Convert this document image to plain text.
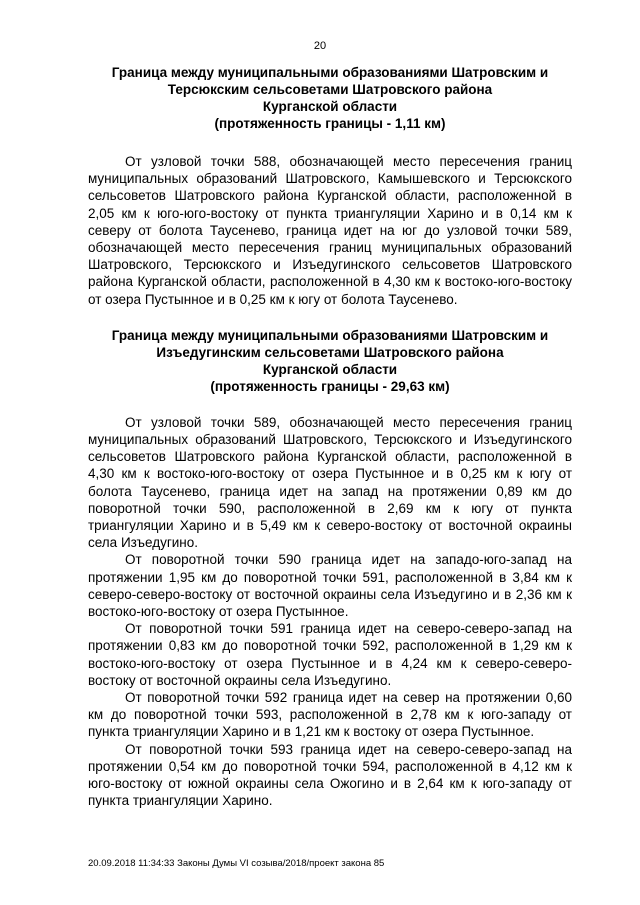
20
Граница между муниципальными образованиями Шатровским и
Терсюкским сельсоветами Шатровского района
Курганской области
(протяженность границы - 1,11 км)

От узловой точки 588, обозначающей место пересечения границ муниципальных образований Шатровского, Камышевского и Терсюкского сельсоветов Шатровского района Курганской области, расположенной в 2,05 км к юго-юго-востоку от пункта триангуляции Харино и в 0,14 км к северу от болота Таусенево, граница идет на юг до узловой точки 589, обозначающей место пересечения границ муниципальных образований Шатровского, Терсюкского и Изъедугинского сельсоветов Шатровского района Курганской области, расположенной в 4,30 км к востоко-юго-востоку от озера Пустынное и в 0,25 км к югу от болота Таусенево.

Граница между муниципальными образованиями Шатровским и
Изъедугинским сельсоветами Шатровского района
Курганской области
(протяженность границы - 29,63 км)

От узловой точки 589, обозначающей место пересечения границ муниципальных образований Шатровского, Терсюкского и Изъедугинского сельсоветов Шатровского района Курганской области, расположенной в 4,30 км к востоко-юго-востоку от озера Пустынное и в 0,25 км к югу от болота Таусенево, граница идет на запад на протяжении 0,89 км до поворотной точки 590, расположенной в 2,69 км к югу от пункта триангуляции Харино и в 5,49 км к северо-востоку от восточной окраины села Изъедугино.

От поворотной точки 590 граница идет на западо-юго-запад на протяжении 1,95 км до поворотной точки 591, расположенной в 3,84 км к северо-северо-востоку от восточной окраины села Изъедугино и в 2,36 км к востоко-юго-востоку от озера Пустынное.

От поворотной точки 591 граница идет на северо-северо-запад на протяжении 0,83 км до поворотной точки 592, расположенной в 1,29 км к востоко-юго-востоку от озера Пустынное и в 4,24 км к северо-северо-востоку от восточной окраины села Изъедугино.

От поворотной точки 592 граница идет на север на протяжении 0,60 км до поворотной точки 593, расположенной в 2,78 км к юго-западу от пункта триангуляции Харино и в 1,21 км к востоку от озера Пустынное.

От поворотной точки 593 граница идет на северо-северо-запад на протяжении 0,54 км до поворотной точки 594, расположенной в 4,12 км к юго-востоку от южной окраины села Ожогино и в 2,64 км к юго-западу от пункта триангуляции Харино.

20.09.2018 11:34:33 Законы Думы VI созыва/2018/проект закона 85
